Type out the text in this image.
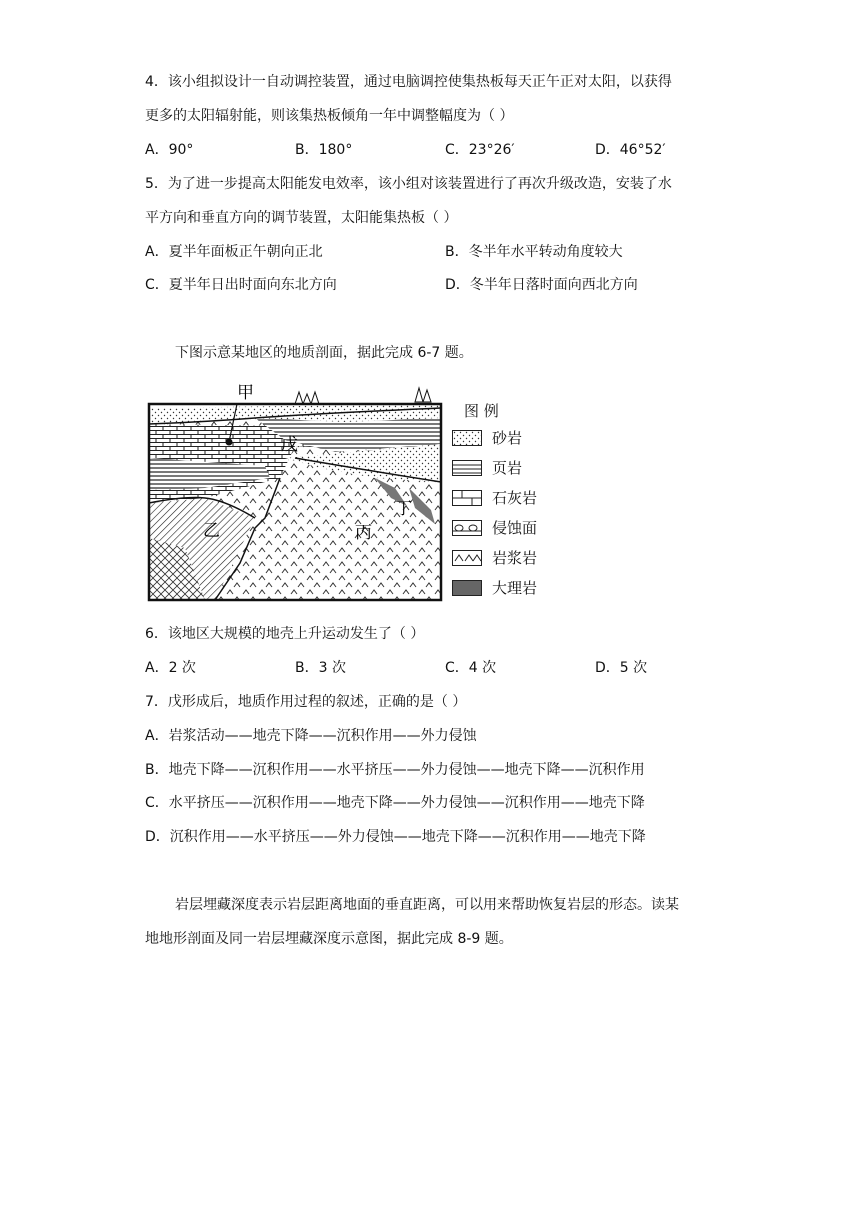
4．该小组拟设计一自动调控装置，通过电脑调控使集热板每天正午正对太阳，以获得
更多的太阳辐射能，则该集热板倾角一年中调整幅度为（ ）
A．90°	B．180°	C．23°26′	D．46°52′
5．为了进一步提高太阳能发电效率，该小组对该装置进行了再次升级改造，安装了水
平方向和垂直方向的调节装置，太阳能集热板（ ）
A．夏半年面板正午朝向正北	B．冬半年水平转动角度较大
C．夏半年日出时面向东北方向	D．冬半年日落时面向西北方向
下图示意某地区的地质剖面，据此完成 6-7 题。
甲
乙	丙
丁
戊
图 例
砂岩
页岩
石灰岩
侵蚀面
岩浆岩
大理岩
6．该地区大规模的地壳上升运动发生了（ ）
A．2 次	B．3 次	C．4 次	D．5 次
7．戊形成后，地质作用过程的叙述，正确的是（ ）
A．岩浆活动——地壳下降——沉积作用——外力侵蚀
B．地壳下降——沉积作用——水平挤压——外力侵蚀——地壳下降——沉积作用
C．水平挤压——沉积作用——地壳下降——外力侵蚀——沉积作用——地壳下降
D．沉积作用——水平挤压——外力侵蚀——地壳下降——沉积作用——地壳下降
岩层埋藏深度表示岩层距离地面的垂直距离，可以用来帮助恢复岩层的形态。读某
地地形剖面及同一岩层埋藏深度示意图，据此完成 8-9 题。
